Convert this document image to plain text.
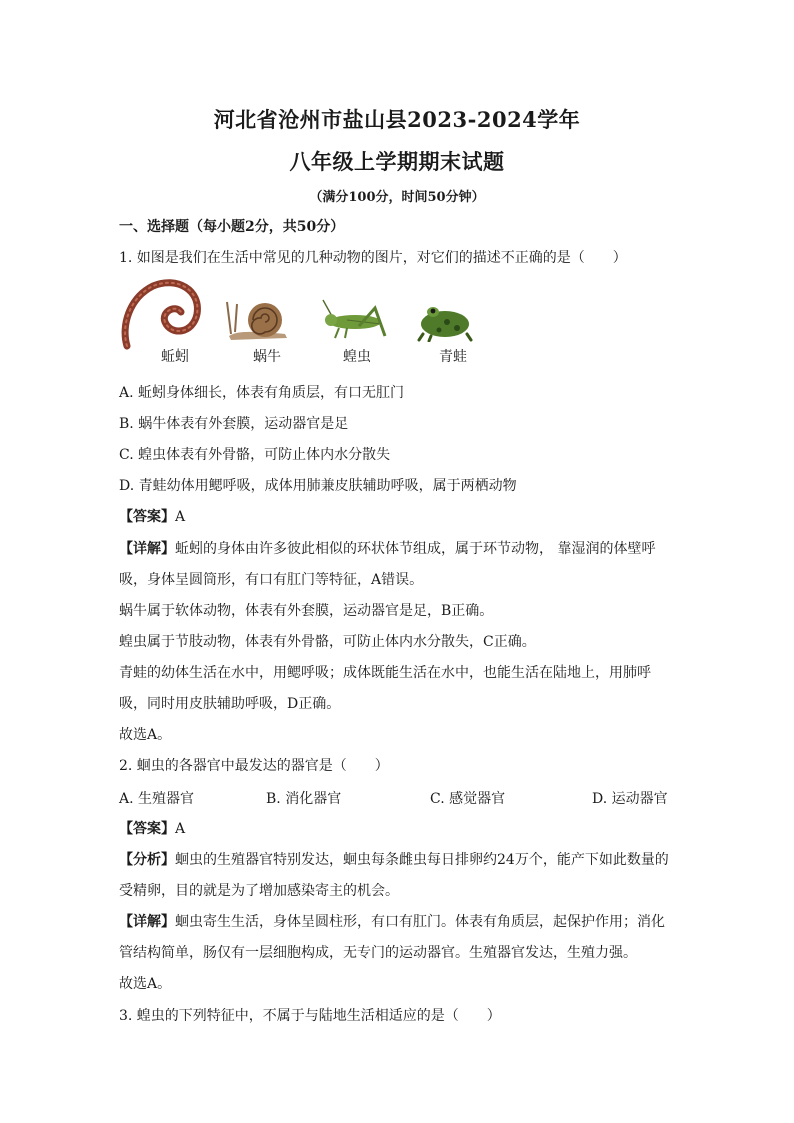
河北省沧州市盐山县2023-2024学年
八年级上学期期末试题
（满分100分，时间50分钟）
一、选择题（每小题2分，共50分）
1. 如图是我们在生活中常见的几种动物的图片，对它们的描述不正确的是（　　）
蚯蚓	蜗牛	蝗虫	青蛙
A. 蚯蚓身体细长，体表有角质层，有口无肛门
B. 蜗牛体表有外套膜，运动器官是足
C. 蝗虫体表有外骨骼，可防止体内水分散失
D. 青蛙幼体用鳃呼吸，成体用肺兼皮肤辅助呼吸，属于两栖动物
【答案】A
【详解】蚯蚓的身体由许多彼此相似的环状体节组成，属于环节动物， 靠湿润的体壁呼
吸，身体呈圆筒形，有口有肛门等特征，A错误。
蜗牛属于软体动物，体表有外套膜，运动器官是足，B正确。
蝗虫属于节肢动物，体表有外骨骼，可防止体内水分散失，C正确。
青蛙的幼体生活在水中，用鳃呼吸；成体既能生活在水中，也能生活在陆地上，用肺呼
吸，同时用皮肤辅助呼吸，D正确。
故选A。
2. 蛔虫的各器官中最发达的器官是（　　）
A. 生殖器官	B. 消化器官	C. 感觉器官	D. 运动器官
【答案】A
【分析】蛔虫的生殖器官特别发达，蛔虫每条雌虫每日排卵约24万个，能产下如此数量的
受精卵，目的就是为了增加感染寄主的机会。
【详解】蛔虫寄生生活，身体呈圆柱形，有口有肛门。体表有角质层，起保护作用；消化
管结构简单，肠仅有一层细胞构成，无专门的运动器官。生殖器官发达，生殖力强。
故选A。
3. 蝗虫的下列特征中，不属于与陆地生活相适应的是（　　）
